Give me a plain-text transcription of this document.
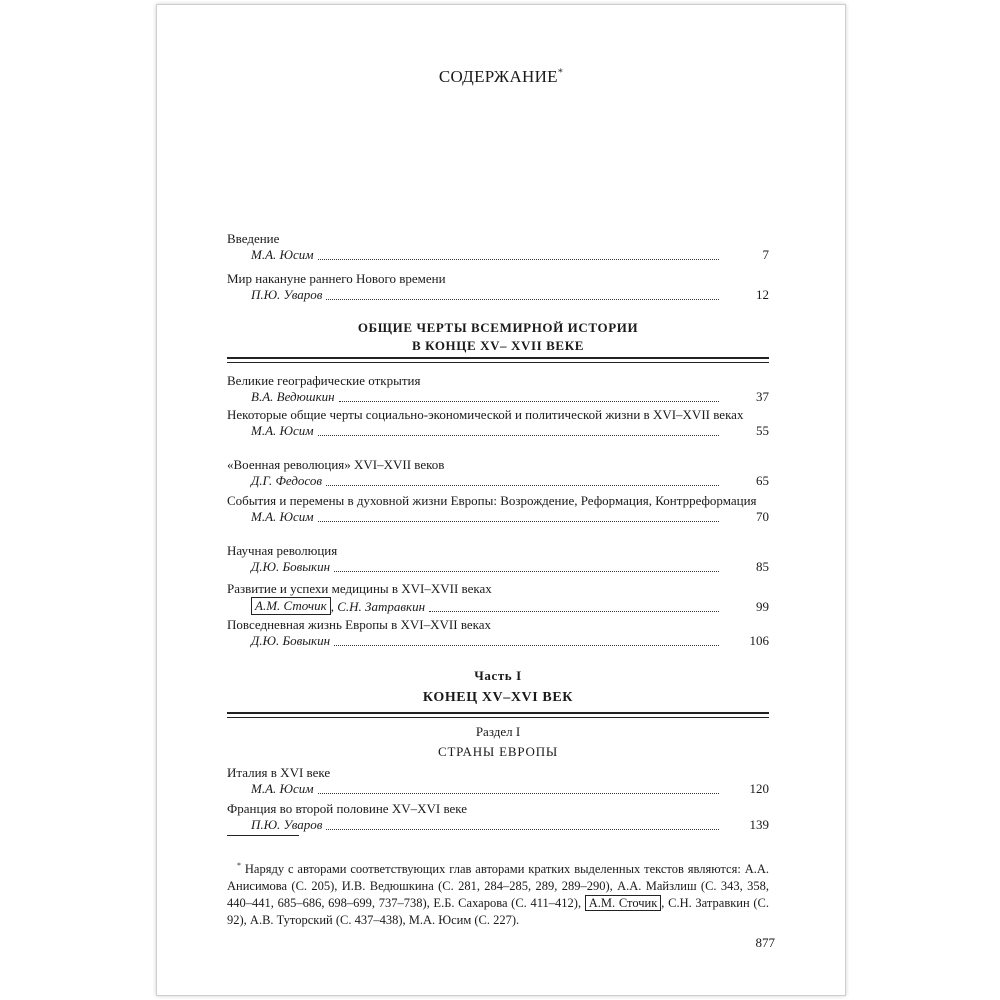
СОДЕРЖАНИЕ*
Введение
М.А. Юсим	7
Мир накануне раннего Нового времени
П.Ю. Уваров	12
ОБЩИЕ ЧЕРТЫ ВСЕМИРНОЙ ИСТОРИИ
В КОНЦЕ XV– XVII ВЕКЕ
Великие географические открытия
В.А. Ведюшкин	37
Некоторые общие черты социально-экономической и политической жизни в XVI–XVII веках
М.А. Юсим	55
«Военная революция» XVI–XVII веков
Д.Г. Федосов	65
События и перемены в духовной жизни Европы: Возрождение, Реформация, Контрреформация
М.А. Юсим	70
Научная революция
Д.Ю. Бовыкин	85
Развитие и успехи медицины в XVI–XVII веках
А.М. Сточик , С.Н. Затравкин	99
Повседневная жизнь Европы в XVI–XVII веках
Д.Ю. Бовыкин	106
Часть I
КОНЕЦ XV–XVI ВЕК
Раздел I
СТРАНЫ ЕВРОПЫ
Италия в XVI веке
М.А. Юсим	120
Франция во второй половине XV–XVI веке
П.Ю. Уваров	139
* Наряду с авторами соответствующих глав авторами кратких выделенных текстов являются: А.А. Анисимова (С. 205), И.В. Ведюшкина (С. 281, 284–285, 289, 289–290), А.А. Майзлиш (С. 343, 358, 440–441, 685–686, 698–699, 737–738), Е.Б. Сахарова (С. 411–412), А.М. Сточик , С.Н. Затравкин (С. 92), А.В. Туторский (С. 437–438), М.А. Юсим (С. 227).
877
